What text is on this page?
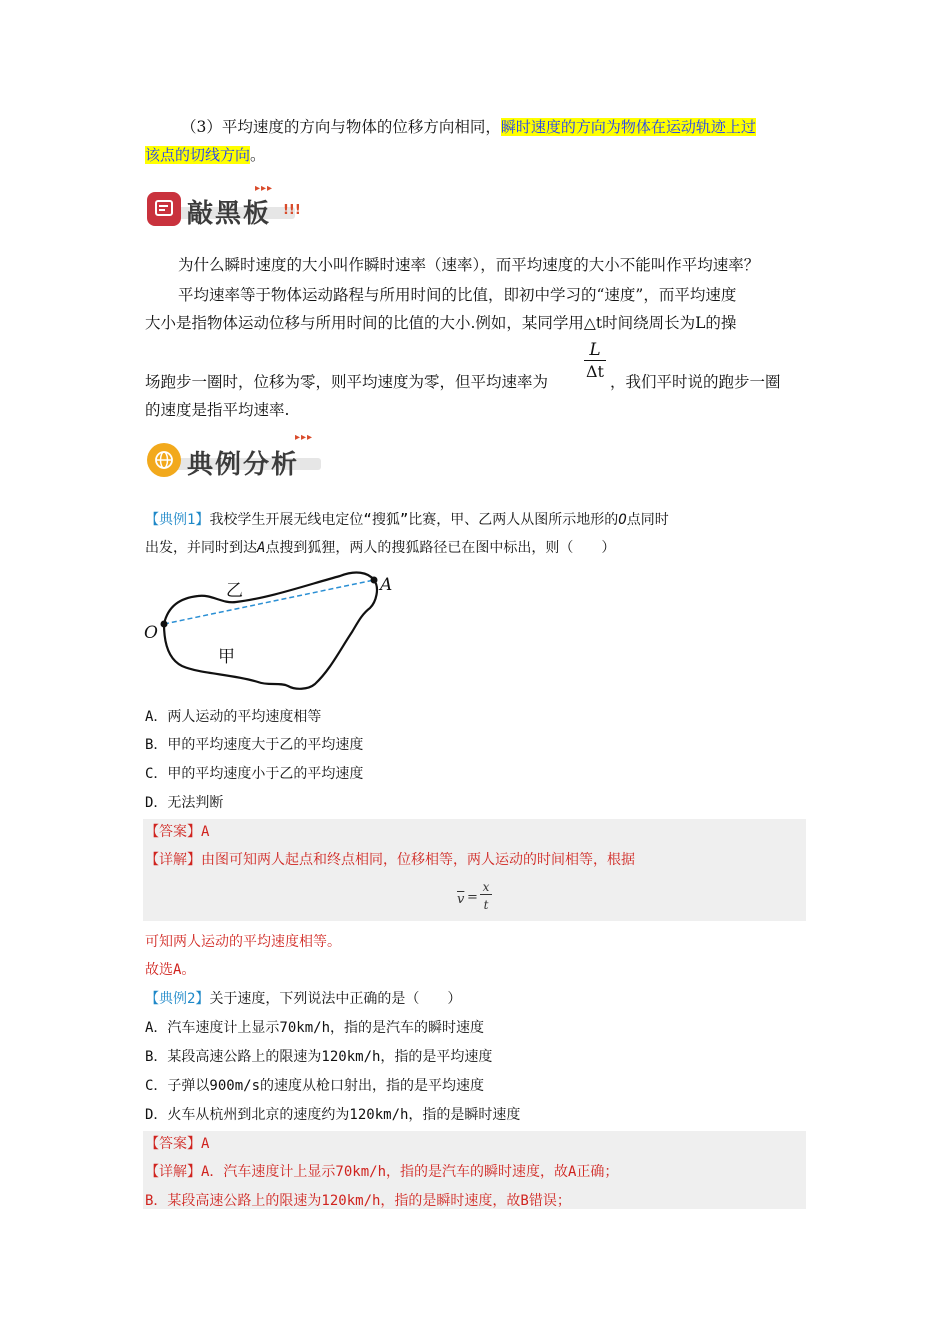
（3）平均速度的方向与物体的位移方向相同，瞬时速度的方向为物体在运动轨迹上过
该点的切线方向。
敲黑板
▸▸▸
!!!
为什么瞬时速度的大小叫作瞬时速率（速率），而平均速度的大小不能叫作平均速率？
平均速率等于物体运动路程与所用时间的比值，即初中学习的“速度”，而平均速度
大小是指物体运动位移与所用时间的比值的大小.例如，某同学用△t时间绕周长为L的操
$\frac{L}{\Delta t}$
场跑步一圈时，位移为零，则平均速度为零，但平均速率为	，我们平时说的跑步一圈
的速度是指平均速率.
典例分析
▸▸▸
【典例1】我校学生开展无线电定位“搜狐”比赛，甲、乙两人从图所示地形的O点同时
出发，并同时到达A点搜到狐狸，两人的搜狐路径已在图中标出，则（　　）
O
A
乙
甲
A．两人运动的平均速度相等
B．甲的平均速度大于乙的平均速度
C．甲的平均速度小于乙的平均速度
D．无法判断
【答案】A
【详解】由图可知两人起点和终点相同，位移相等，两人运动的时间相等，根据
$\overline{v}$ =
x
t
可知两人运动的平均速度相等。
故选A。
【典例2】关于速度，下列说法中正确的是（　　）
A．汽车速度计上显示70km/h，指的是汽车的瞬时速度
B．某段高速公路上的限速为120km/h，指的是平均速度
C．子弹以900m/s的速度从枪口射出，指的是平均速度
D．火车从杭州到北京的速度约为120km/h，指的是瞬时速度
【答案】A
【详解】A．汽车速度计上显示70km/h，指的是汽车的瞬时速度，故A正确；
B．某段高速公路上的限速为120km/h，指的是瞬时速度，故B错误；
